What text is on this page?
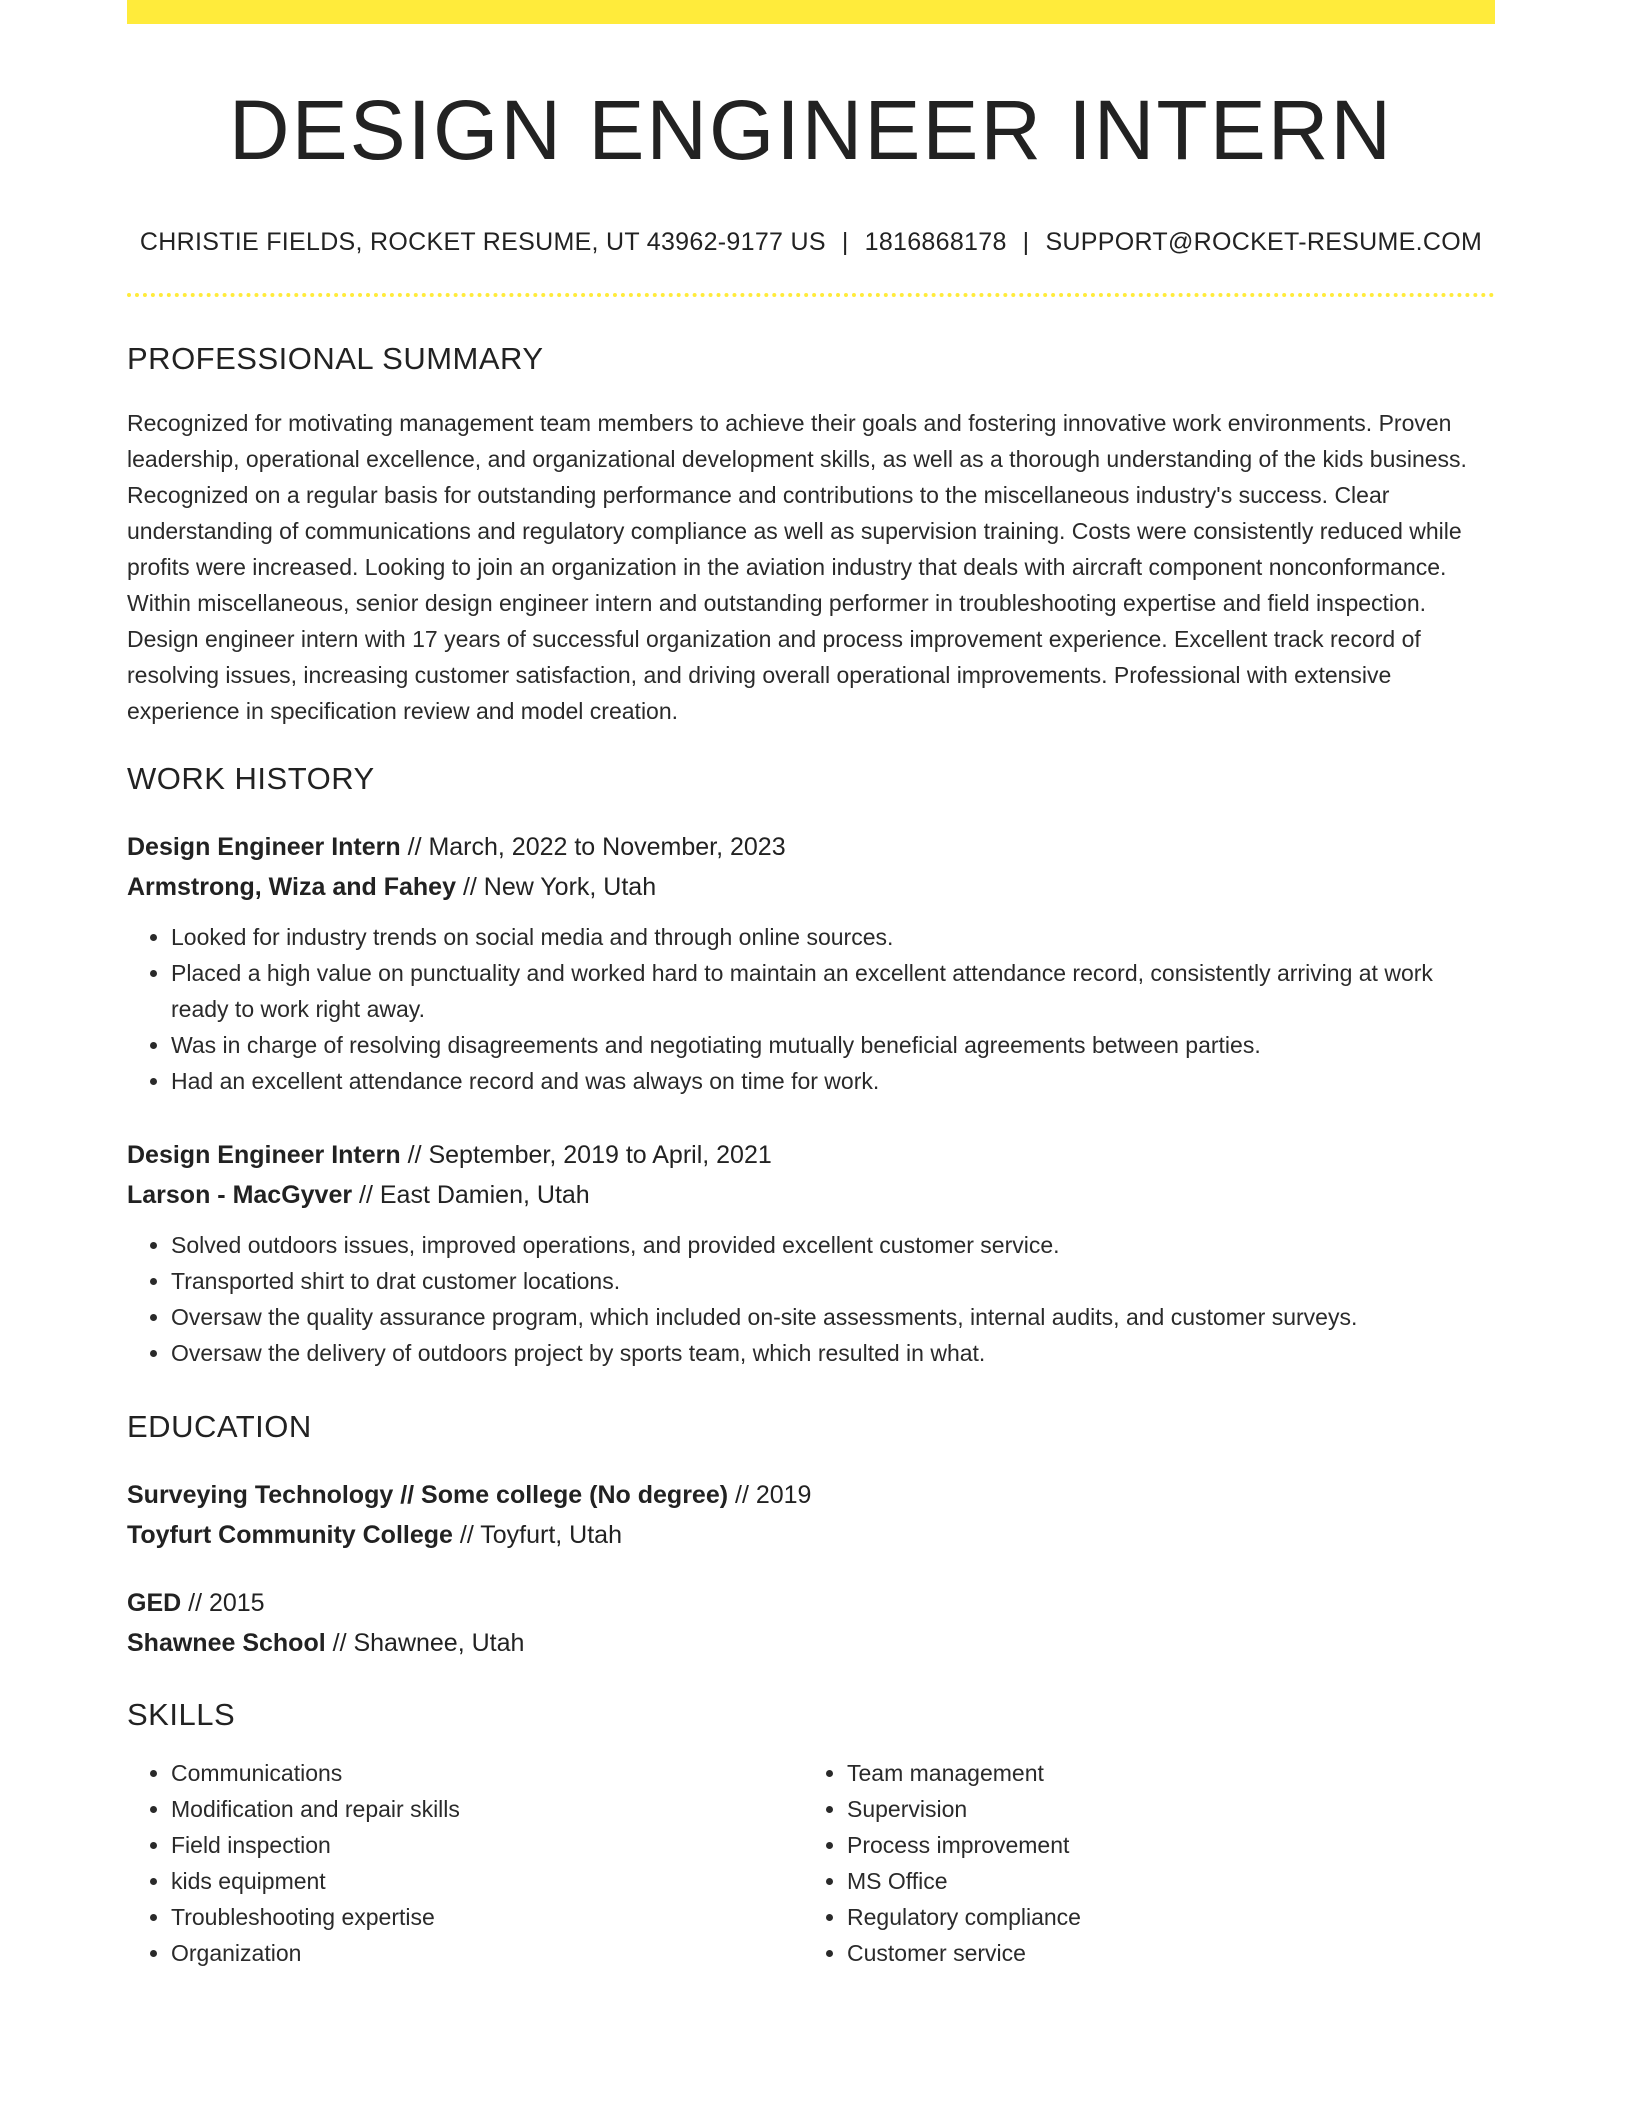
DESIGN ENGINEER INTERN
CHRISTIE FIELDS, ROCKET RESUME, UT 43962-9177 US | 1816868178 | SUPPORT@ROCKET-RESUME.COM
PROFESSIONAL SUMMARY
Recognized for motivating management team members to achieve their goals and fostering innovative work environments. Proven leadership, operational excellence, and organizational development skills, as well as a thorough understanding of the kids business. Recognized on a regular basis for outstanding performance and contributions to the miscellaneous industry's success. Clear understanding of communications and regulatory compliance as well as supervision training. Costs were consistently reduced while profits were increased. Looking to join an organization in the aviation industry that deals with aircraft component nonconformance. Within miscellaneous, senior design engineer intern and outstanding performer in troubleshooting expertise and field inspection. Design engineer intern with 17 years of successful organization and process improvement experience. Excellent track record of resolving issues, increasing customer satisfaction, and driving overall operational improvements. Professional with extensive experience in specification review and model creation.
WORK HISTORY
Design Engineer Intern // March, 2022 to November, 2023
Armstrong, Wiza and Fahey // New York, Utah
• Looked for industry trends on social media and through online sources.
• Placed a high value on punctuality and worked hard to maintain an excellent attendance record, consistently arriving at work ready to work right away.
• Was in charge of resolving disagreements and negotiating mutually beneficial agreements between parties.
• Had an excellent attendance record and was always on time for work.
Design Engineer Intern // September, 2019 to April, 2021
Larson - MacGyver // East Damien, Utah
• Solved outdoors issues, improved operations, and provided excellent customer service.
• Transported shirt to drat customer locations.
• Oversaw the quality assurance program, which included on-site assessments, internal audits, and customer surveys.
• Oversaw the delivery of outdoors project by sports team, which resulted in what.
EDUCATION
Surveying Technology // Some college (No degree) // 2019
Toyfurt Community College // Toyfurt, Utah
GED // 2015
Shawnee School // Shawnee, Utah
SKILLS
• Communications
• Modification and repair skills
• Field inspection
• kids equipment
• Troubleshooting expertise
• Organization
• Team management
• Supervision
• Process improvement
• MS Office
• Regulatory compliance
• Customer service
